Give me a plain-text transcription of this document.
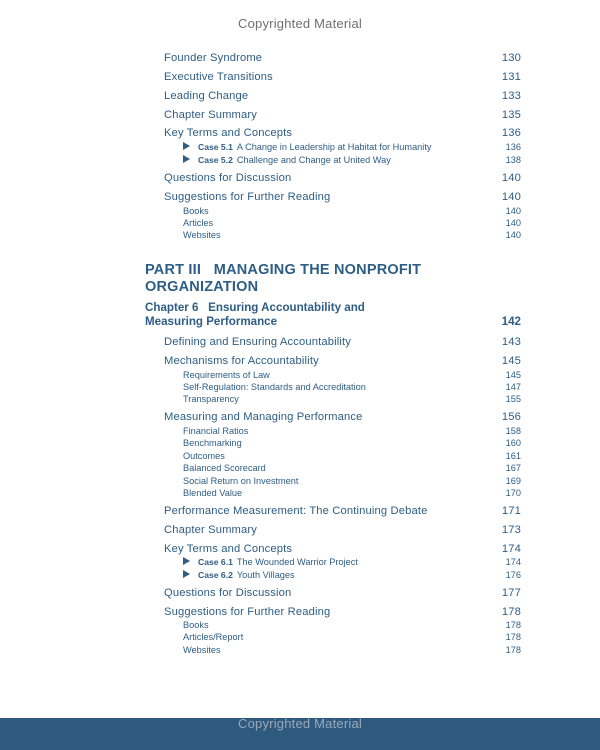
Copyrighted Material
Founder Syndrome	130
Executive Transitions	131
Leading Change	133
Chapter Summary	135
Key Terms and Concepts	136
Case 5.1 A Change in Leadership at Habitat for Humanity	136
Case 5.2 Challenge and Change at United Way	138
Questions for Discussion	140
Suggestions for Further Reading	140
Books	140
Articles	140
Websites	140
PART III   MANAGING THE NONPROFIT
ORGANIZATION
Chapter 6   Ensuring Accountability and
Measuring Performance	142
Defining and Ensuring Accountability	143
Mechanisms for Accountability	145
Requirements of Law	145
Self-Regulation: Standards and Accreditation	147
Transparency	155
Measuring and Managing Performance	156
Financial Ratios	158
Benchmarking	160
Outcomes	161
Balanced Scorecard	167
Social Return on Investment	169
Blended Value	170
Performance Measurement: The Continuing Debate	171
Chapter Summary	173
Key Terms and Concepts	174
Case 6.1 The Wounded Warrior Project	174
Case 6.2 Youth Villages	176
Questions for Discussion	177
Suggestions for Further Reading	178
Books	178
Articles/Report	178
Websites	178
Copyrighted Material
